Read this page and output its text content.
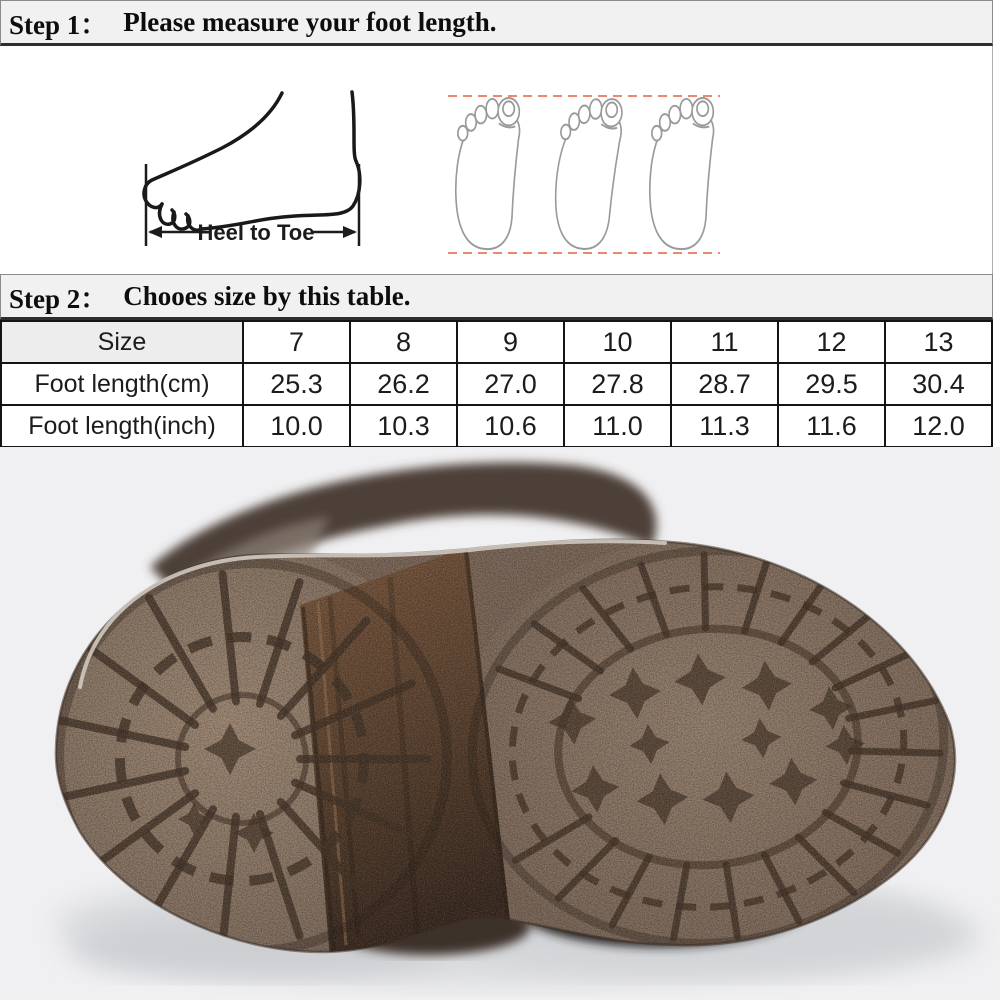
Step 1： Please measure your foot length.
Heel to Toe
Step 2： Chooes size by this table.
Size	7	8	9	10	11	12	13
Foot length(cm)	25.3	26.2	27.0	27.8	28.7	29.5	30.4
Foot length(inch)	10.0	10.3	10.6	11.0	11.3	11.6	12.0
